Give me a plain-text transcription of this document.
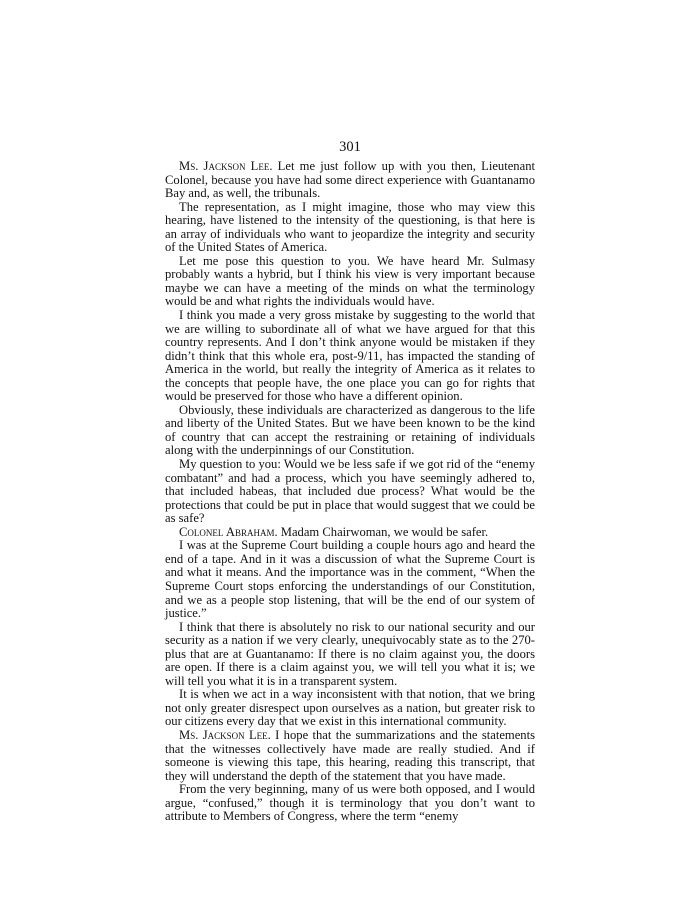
301

Ms. Jackson Lee. Let me just follow up with you then, Lieutenant Colonel, because you have had some direct experience with Guantanamo Bay and, as well, the tribunals.

The representation, as I might imagine, those who may view this hearing, have listened to the intensity of the questioning, is that here is an array of individuals who want to jeopardize the integrity and security of the United States of America.

Let me pose this question to you. We have heard Mr. Sulmasy probably wants a hybrid, but I think his view is very important because maybe we can have a meeting of the minds on what the terminology would be and what rights the individuals would have.

I think you made a very gross mistake by suggesting to the world that we are willing to subordinate all of what we have argued for that this country represents. And I don’t think anyone would be mistaken if they didn’t think that this whole era, post-9/11, has impacted the standing of America in the world, but really the integrity of America as it relates to the concepts that people have, the one place you can go for rights that would be preserved for those who have a different opinion.

Obviously, these individuals are characterized as dangerous to the life and liberty of the United States. But we have been known to be the kind of country that can accept the restraining or retaining of individuals along with the underpinnings of our Constitution.

My question to you: Would we be less safe if we got rid of the “enemy combatant” and had a process, which you have seemingly adhered to, that included habeas, that included due process? What would be the protections that could be put in place that would suggest that we could be as safe?

Colonel Abraham. Madam Chairwoman, we would be safer.

I was at the Supreme Court building a couple hours ago and heard the end of a tape. And in it was a discussion of what the Supreme Court is and what it means. And the importance was in the comment, “When the Supreme Court stops enforcing the understandings of our Constitution, and we as a people stop listening, that will be the end of our system of justice.”

I think that there is absolutely no risk to our national security and our security as a nation if we very clearly, unequivocably state as to the 270-plus that are at Guantanamo: If there is no claim against you, the doors are open. If there is a claim against you, we will tell you what it is; we will tell you what it is in a transparent system.

It is when we act in a way inconsistent with that notion, that we bring not only greater disrespect upon ourselves as a nation, but greater risk to our citizens every day that we exist in this international community.

Ms. Jackson Lee. I hope that the summarizations and the statements that the witnesses collectively have made are really studied. And if someone is viewing this tape, this hearing, reading this transcript, that they will understand the depth of the statement that you have made.

From the very beginning, many of us were both opposed, and I would argue, “confused,” though it is terminology that you don’t want to attribute to Members of Congress, where the term “enemy
